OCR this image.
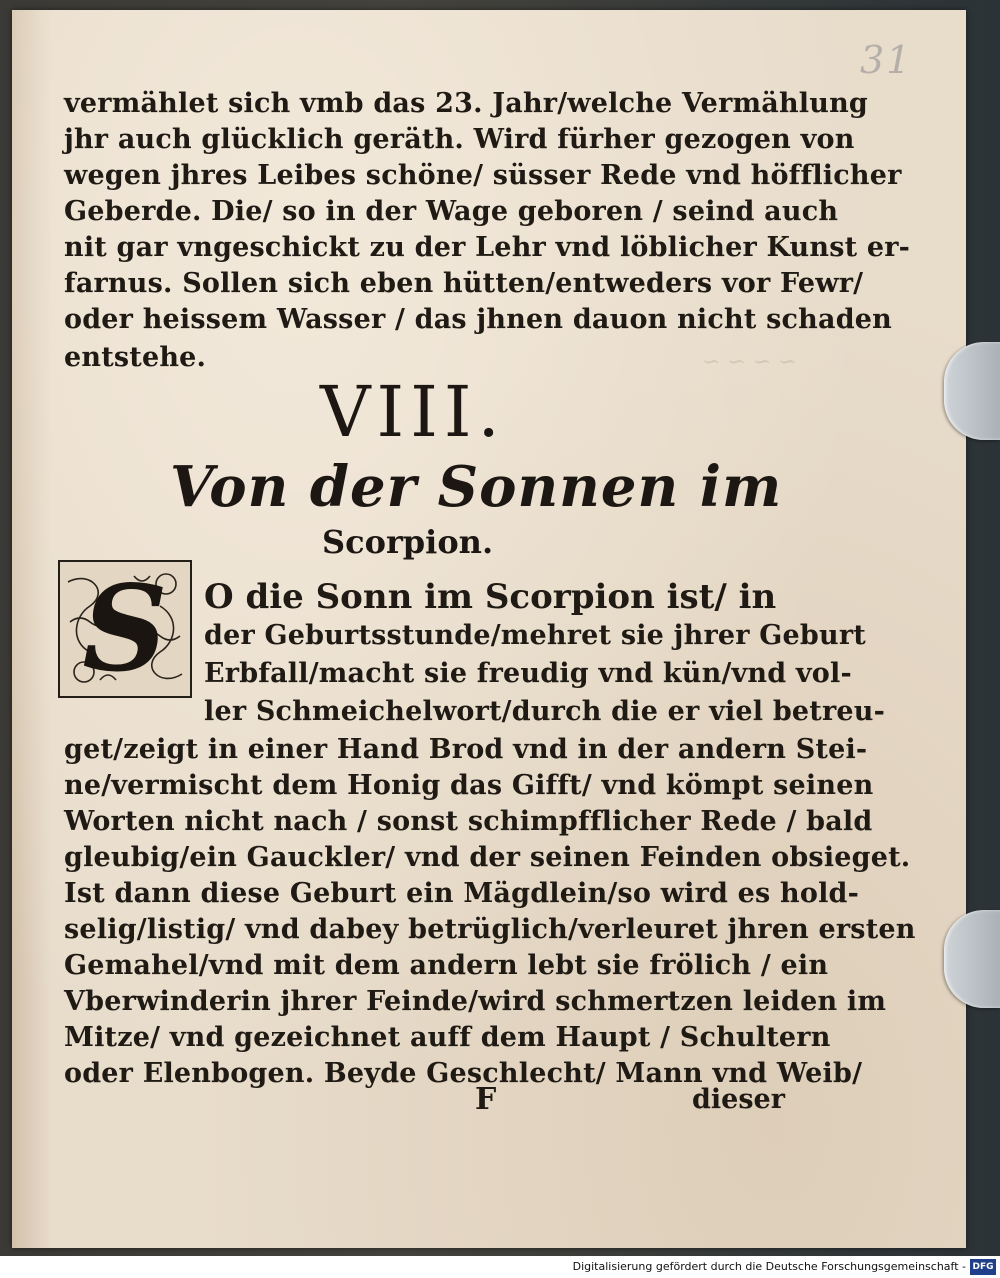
31
~ ~ ~ ~
vermählet sich vmb das 23. Jahr/welche Vermählung
jhr auch glücklich geräth. Wird fürher gezogen von
wegen jhres Leibes schöne/ süsser Rede vnd höfflicher
Geberde. Die/ so in der Wage geboren / seind auch
nit gar vngeschickt zu der Lehr vnd löblicher Kunst er-
farnus. Sollen sich eben hütten/entweders vor Fewr/
oder heissem Wasser / das jhnen dauon nicht schaden
entstehe.
VIII.
Von der Sonnen im
Scorpion.
S	O die Sonn im Scorpion ist/ in
der Geburtsstunde/mehret sie jhrer Geburt
Erbfall/macht sie freudig vnd kün/vnd vol-
ler Schmeichelwort/durch die er viel betreu-
get/zeigt in einer Hand Brod vnd in der andern Stei-
ne/vermischt dem Honig das Gifft/ vnd kömpt seinen
Worten nicht nach / sonst schimpfflicher Rede / bald
gleubig/ein Gauckler/ vnd der seinen Feinden obsieget.
Ist dann diese Geburt ein Mägdlein/so wird es hold-
selig/listig/ vnd dabey betrüglich/verleuret jhren ersten
Gemahel/vnd mit dem andern lebt sie frölich / ein
Vberwinderin jhrer Feinde/wird schmertzen leiden im
Mitze/ vnd gezeichnet auff dem Haupt / Schultern
oder Elenbogen. Beyde Geschlecht/ Mann vnd Weib/
F	dieser
Digitalisierung gefördert durch die Deutsche Forschungsgemeinschaft - DFG
